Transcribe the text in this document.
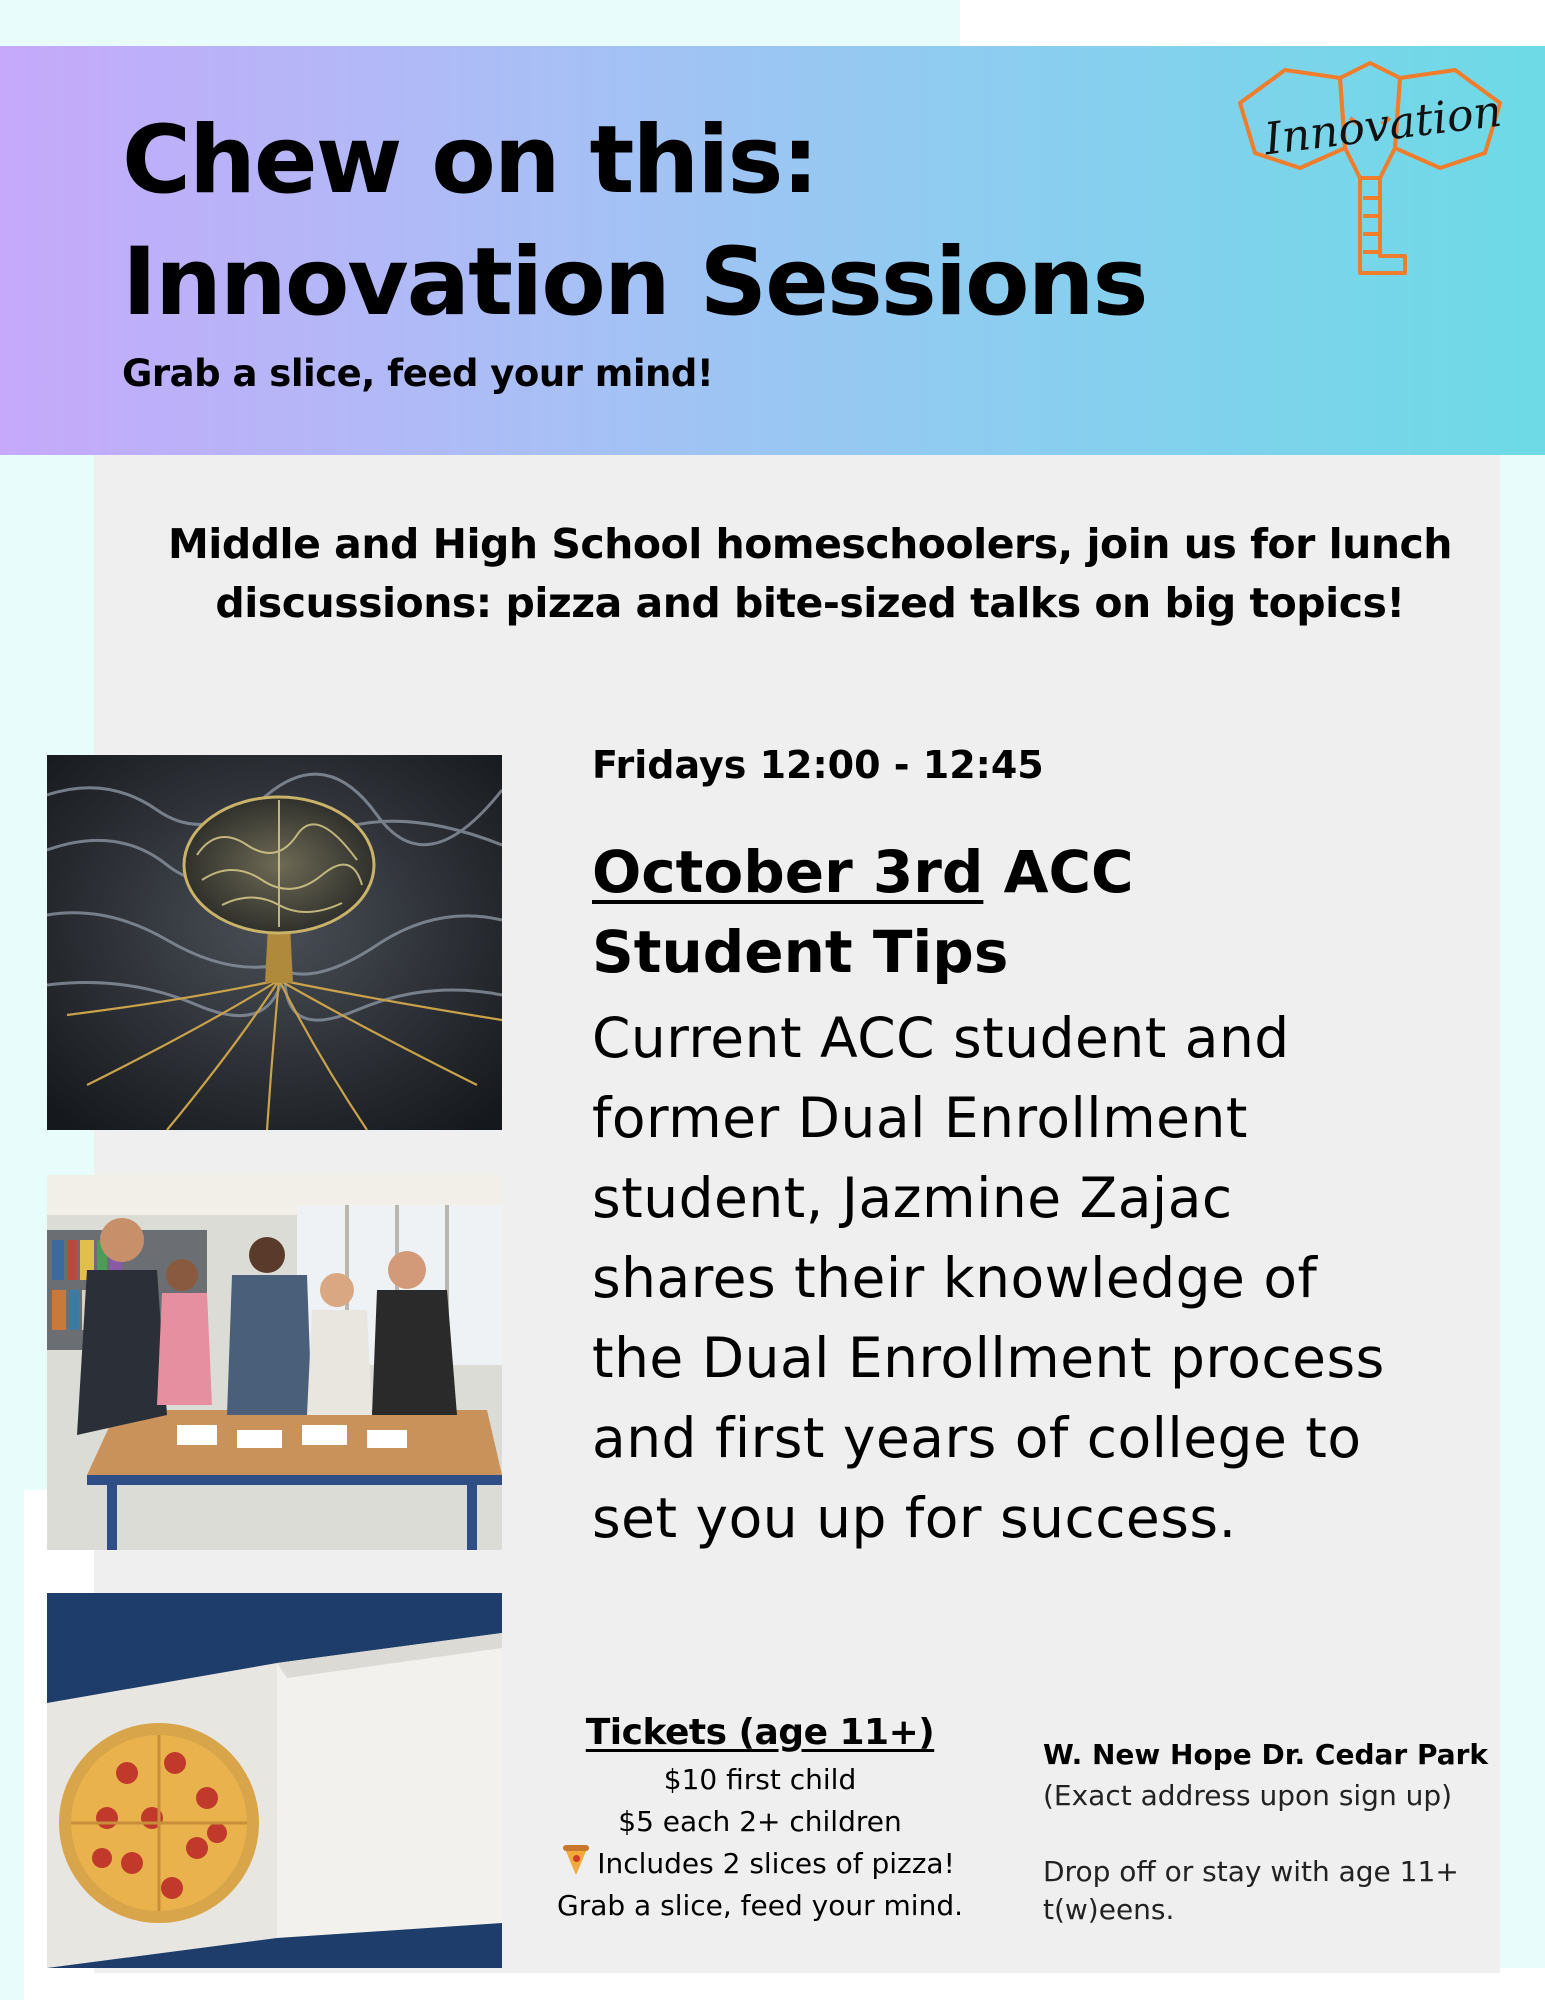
Chew on this:
Innovation Sessions

Grab a slice, feed your mind!

Innovation

Middle and High School homeschoolers, join us for lunch discussions: pizza and bite-sized talks on big topics!

Fridays 12:00 - 12:45

October 3rd ACC Student Tips

Current ACC student and former Dual Enrollment student, Jazmine Zajac shares their knowledge of the Dual Enrollment process and first years of college to set you up for success.

Tickets (age 11+)
$10 first child
$5 each 2+ children
Includes 2 slices of pizza!
Grab a slice, feed your mind.
W. New Hope Dr. Cedar Park
(Exact address upon sign up)
Drop off or stay with age 11+
t(w)eens.
